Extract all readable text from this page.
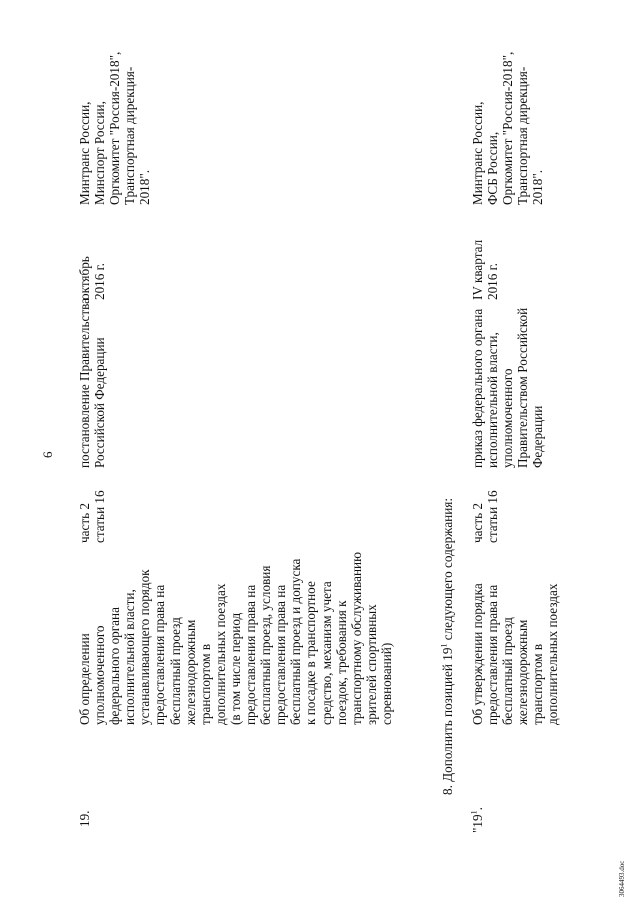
6
19.
Об определении уполномоченного федерального органа исполнительной власти, устанавливающего порядок предоставления права на бесплатный проезд железнодорожным транспортом в дополнительных поездах (в том числе период предоставления права на бесплатный проезд, условия предоставления права на бесплатный проезд и допуска к посадке в транспортное средство, механизм учета поездок, требования к транспортному обслуживанию зрителей спортивных соревнований)
часть 2 статьи 16
постановление Правительства Российской Федерации
октябрь 2016 г.
Минтранс России, Минспорт России, Оргкомитет "Россия-2018", Транспортная дирекция- 2018".
8. Дополнить позицией $19^1$ следующего содержания:
"$19^1$.
Об утверждении порядка предоставления права на бесплатный проезд железнодорожным транспортом в дополнительных поездах
часть 2 статьи 16
приказ федерального органа исполнительной власти, уполномоченного Правительством Российской Федерации
IV квартал 2016 г.
Минтранс России, ФСБ России, Оргкомитет "Россия-2018", Транспортная дирекция- 2018".
3064493.doc
